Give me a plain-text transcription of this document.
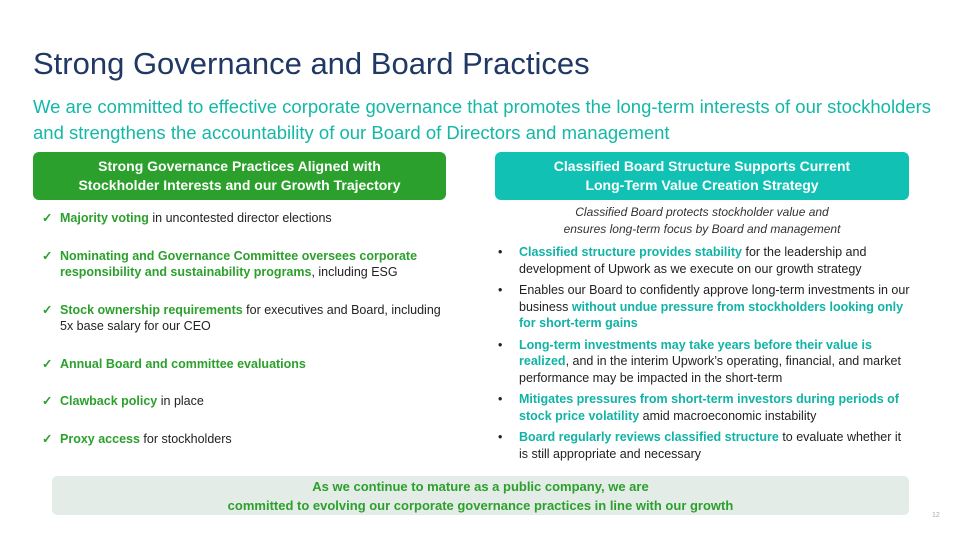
Strong Governance and Board Practices
We are committed to effective corporate governance that promotes the long-term interests of our stockholders and strengthens the accountability of our Board of Directors and management
Strong Governance Practices Aligned with
Stockholder Interests and our Growth Trajectory
Classified Board Structure Supports Current
Long-Term Value Creation Strategy
✓ Majority voting in uncontested director elections
✓ Nominating and Governance Committee oversees corporate responsibility and sustainability programs, including ESG
✓ Stock ownership requirements for executives and Board, including 5x base salary for our CEO
✓ Annual Board and committee evaluations
✓ Clawback policy in place
✓ Proxy access for stockholders
Classified Board protects stockholder value and
ensures long-term focus by Board and management
• Classified structure provides stability for the leadership and development of Upwork as we execute on our growth strategy
• Enables our Board to confidently approve long-term investments in our business without undue pressure from stockholders looking only for short-term gains
• Long-term investments may take years before their value is realized, and in the interim Upwork’s operating, financial, and market performance may be impacted in the short-term
• Mitigates pressures from short-term investors during periods of stock price volatility amid macroeconomic instability
• Board regularly reviews classified structure to evaluate whether it is still appropriate and necessary
As we continue to mature as a public company, we are
committed to evolving our corporate governance practices in line with our growth
12
